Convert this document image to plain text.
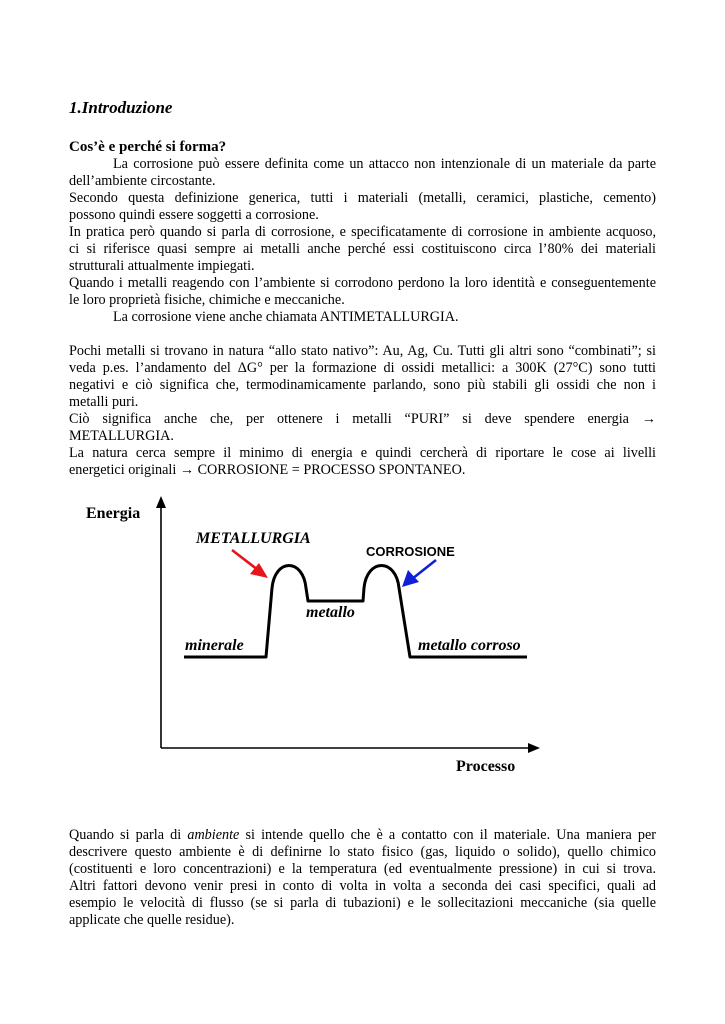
1.Introduzione
Cos’è e perché si forma?
La corrosione può essere definita come un attacco non intenzionale di un materiale da parte
dell’ambiente circostante.
Secondo questa definizione generica, tutti i materiali (metalli, ceramici, plastiche, cemento)
possono quindi essere soggetti a corrosione.
In pratica però quando si parla di corrosione, e specificatamente di corrosione in ambiente acquoso,
ci si riferisce quasi sempre ai metalli anche perché essi costituiscono circa l’80% dei materiali
strutturali attualmente impiegati.
Quando i metalli reagendo con l’ambiente si corrodono perdono la loro identità e conseguentemente
le loro proprietà fisiche, chimiche e meccaniche.
La corrosione viene anche chiamata ANTIMETALLURGIA.
Pochi metalli si trovano in natura “allo stato nativo”: Au, Ag, Cu. Tutti gli altri sono “combinati”; si
veda p.es. l’andamento del ΔG° per la formazione di ossidi metallici: a 300K (27°C) sono tutti
negativi e ciò significa che, termodinamicamente parlando, sono più stabili gli ossidi che non i
metalli puri.
Ciò significa anche che, per ottenere i metalli “PURI” si deve spendere energia →
METALLURGIA.
La natura cerca sempre il minimo di energia e quindi cercherà di riportare le cose ai livelli
energetici originali → CORROSIONE = PROCESSO SPONTANEO.
Energia
Processo
METALLURGIA
CORROSIONE
metallo
minerale	metallo corroso
Quando si parla di ambiente si intende quello che è a contatto con il materiale. Una maniera per
descrivere questo ambiente è di definirne lo stato fisico (gas, liquido o solido), quello chimico
(costituenti e loro concentrazioni) e la temperatura (ed eventualmente pressione) in cui si trova.
Altri fattori devono venir presi in conto di volta in volta a seconda dei casi specifici, quali ad
esempio le velocità di flusso (se si parla di tubazioni) e le sollecitazioni meccaniche (sia quelle
applicate che quelle residue).
